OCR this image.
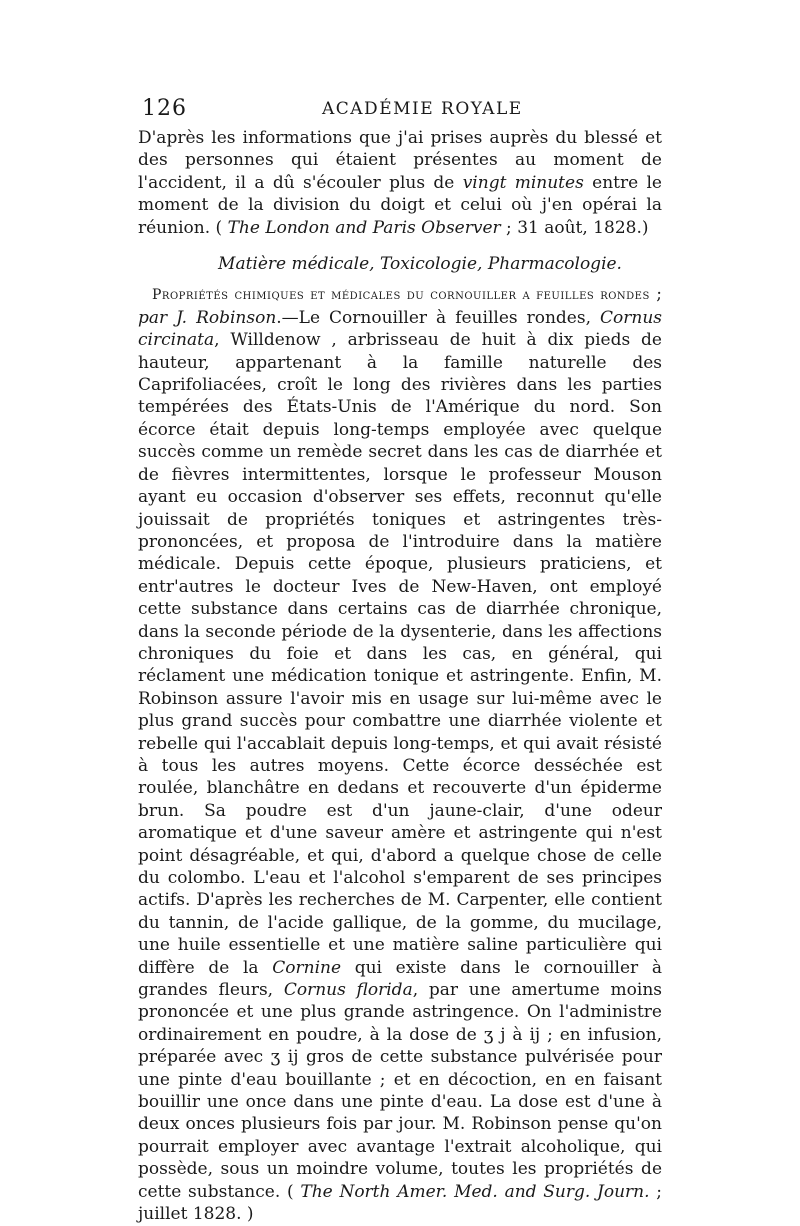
126	ACADÉMIE ROYALE

D'après les informations que j'ai prises auprès du blessé et des personnes qui étaient présentes au moment de l'accident, il a dû s'écouler plus de vingt minutes entre le moment de la division du doigt et celui où j'en opérai la réunion. ( The London and Paris Observer ; 31 août, 1828.)

Matière médicale, Toxicologie, Pharmacologie.

Propriétés chimiques et médicales du cornouiller a feuilles rondes ; par J. Robinson.—Le Cornouiller à feuilles rondes, Cornus circinata, Willdenow , arbrisseau de huit à dix pieds de hauteur, appartenant à la famille naturelle des Caprifoliacées, croît le long des rivières dans les parties tempérées des États-Unis de l'Amérique du nord. Son écorce était depuis long-temps employée avec quelque succès comme un remède secret dans les cas de diarrhée et de fièvres intermittentes, lorsque le professeur Mouson ayant eu occasion d'observer ses effets, reconnut qu'elle jouissait de propriétés toniques et astringentes très-prononcées, et proposa de l'introduire dans la matière médicale. Depuis cette époque, plusieurs praticiens, et entr'autres le docteur Ives de New-Haven, ont employé cette substance dans certains cas de diarrhée chronique, dans la seconde période de la dysenterie, dans les affections chroniques du foie et dans les cas, en général, qui réclament une médication tonique et astringente. Enfin, M. Robinson assure l'avoir mis en usage sur lui-même avec le plus grand succès pour combattre une diarrhée violente et rebelle qui l'accablait depuis long-temps, et qui avait résisté à tous les autres moyens. Cette écorce desséchée est roulée, blanchâtre en dedans et recouverte d'un épiderme brun. Sa poudre est d'un jaune-clair, d'une odeur aromatique et d'une saveur amère et astringente qui n'est point désagréable, et qui, d'abord a quelque chose de celle du colombo. L'eau et l'alcohol s'emparent de ses principes actifs. D'après les recherches de M. Carpenter, elle contient du tannin, de l'acide gallique, de la gomme, du mucilage, une huile essentielle et une matière saline particulière qui diffère de la Cornine qui existe dans le cornouiller à grandes fleurs, Cornus florida, par une amertume moins prononcée et une plus grande astringence. On l'administre ordinairement en poudre, à la dose de ʒ j à ij ; en infusion, préparée avec ʒ ij gros de cette substance pulvérisée pour une pinte d'eau bouillante ; et en décoction, en en faisant bouillir une once dans une pinte d'eau. La dose est d'une à deux onces plusieurs fois par jour. M. Robinson pense qu'on pourrait employer avec avantage l'extrait alcoholique, qui possède, sous un moindre volume, toutes les propriétés de cette substance. ( The North Amer. Med. and Surg. Journ. ; juillet 1828. )
